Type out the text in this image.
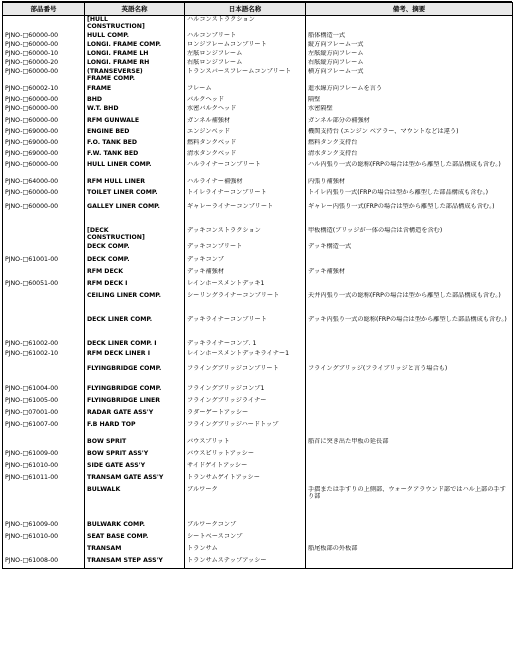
部品番号	英語名称	日本語名称	備考、摘要
	[HULL
CONSTRUCTION]	ハルコンストラクション	
PJNO-□60000-00	HULL COMP.	ハルコンプリート	船体構造一式
PJNO-□60000-00	LONGI. FRAME COMP.	ロンジフレームコンプリート	縦方向フレーム一式
PJNO-□60000-10	LONGI. FRAME LH	左舷ロンジフレーム	左舷縦方向フレーム
PJNO-□60000-20	LONGI. FRAME RH	右舷ロンジフレーム	右舷縦方向フレーム
PJNO-□60000-00	(TRANSEVERSE)
FRAME COMP.	トランスバースフレームコンプリート	横方向フレーム一式
PJNO-□60002-10	FRAME	フレーム	進水線方向フレームを言う
PJNO-□60000-00	BHD	バルクヘッド	隔壁
PJNO-□60000-00	W.T. BHD	水密バルクヘッド	水密隔壁
PJNO-□60000-00	RFM GUNWALE	ガンネル補強材	ガンネル部分の補強材
PJNO-□69000-00	ENGINE BED	エンジンベッド	機関支持台 (エンジン ベアラー、マウントなどは違う)
PJNO-□69000-00	F.O. TANK BED	燃料タンクベッド	燃料タンク支持台
PJNO-□69000-00	F.W. TANK BED	清水タンクベッド	清水タンク支持台
PJNO-□60000-00	HULL LINER COMP.	ハルライナーコンプリート	ハル内張り一式の総称(FRPの場合は型から離型した部品構成も含む。)
PJNO-□64000-00	RFM HULL LINER	ハルライナー補強材	内張り補強材
PJNO-□60000-00	TOILET LINER COMP.	トイレライナーコンプリート	トイレ内張り一式(FRPの場合は型から離型した部品構成も含む。)
PJNO-□60000-00	GALLEY LINER COMP.	ギャレーライナーコンプリート	ギャレー内張り一式(FRPの場合は型から離型した部品構成も含む。)
	[DECK
CONSTRUCTION]	デッキコンストラクション	甲板構造(ブリッジが一体の場合は含構造を含む)
	DECK COMP.	デッキコンプリート	デッキ構造一式
PJNO-□61001-00	DECK COMP.	デッキコンプ	
	RFM DECK	デッキ補強材	デッキ補強材
PJNO-□60051-00	RFM DECK I	レインホースメントデッキ1	
	CEILING LINER COMP.	シーリングライナーコンプリート	天井内張り一式の総称(FRPの場合は型から離型した部品構成も含む。)
	DECK LINER COMP.	デッキライナーコンプリート	デッキ内張り一式の総称(FRPの場合は型から離型した部品構成も含む。)
PJNO-□61002-00	DECK LINER COMP. I	デッキライナーコンプ. 1	
PJNO-□61002-10	RFM DECK LINER I	レインホースメントデッキライナー1	
	FLYINGBRIDGE COMP.	フライングブリッジコンプリート	フライングブリッジ(フライブリッジと言う場合も)
PJNO-□61004-00	FLYINGBRIDGE COMP.	フライングブリッジコンプ1	
PJNO-□61005-00	FLYINGBRIDGE LINER	フライングブリッジライナー	
PJNO-□07001-00	RADAR GATE ASS'Y	ラダーゲートアッシー	
PJNO-□61007-00	F.B HARD TOP	フライングブリッジハードトップ	
	BOW SPRIT	バウスプリット	船首に突き出た甲板の延長部
PJNO-□61009-00	BOW SPRIT ASS'Y	バウスピリットアッシー	
PJNO-□61010-00	SIDE GATE ASS'Y	サイドゲイトアッシー	
PJNO-□61011-00	TRANSAM GATE ASS'Y	トランサムゲイトアッシー	
	BULWALK	ブルワーク	手摺または手すりの上側部、ウォークアラウンド部ではハル上部の手すり部
PJNO-□61009-00	BULWARK COMP.	ブルワークコンプ	
PJNO-□61010-00	SEAT BASE COMP.	シートベースコンプ	
	TRANSAM	トランサム	船尾板部の外板部
PJNO-□61008-00	TRANSAM STEP ASS'Y	トランサムステップアッシー	
